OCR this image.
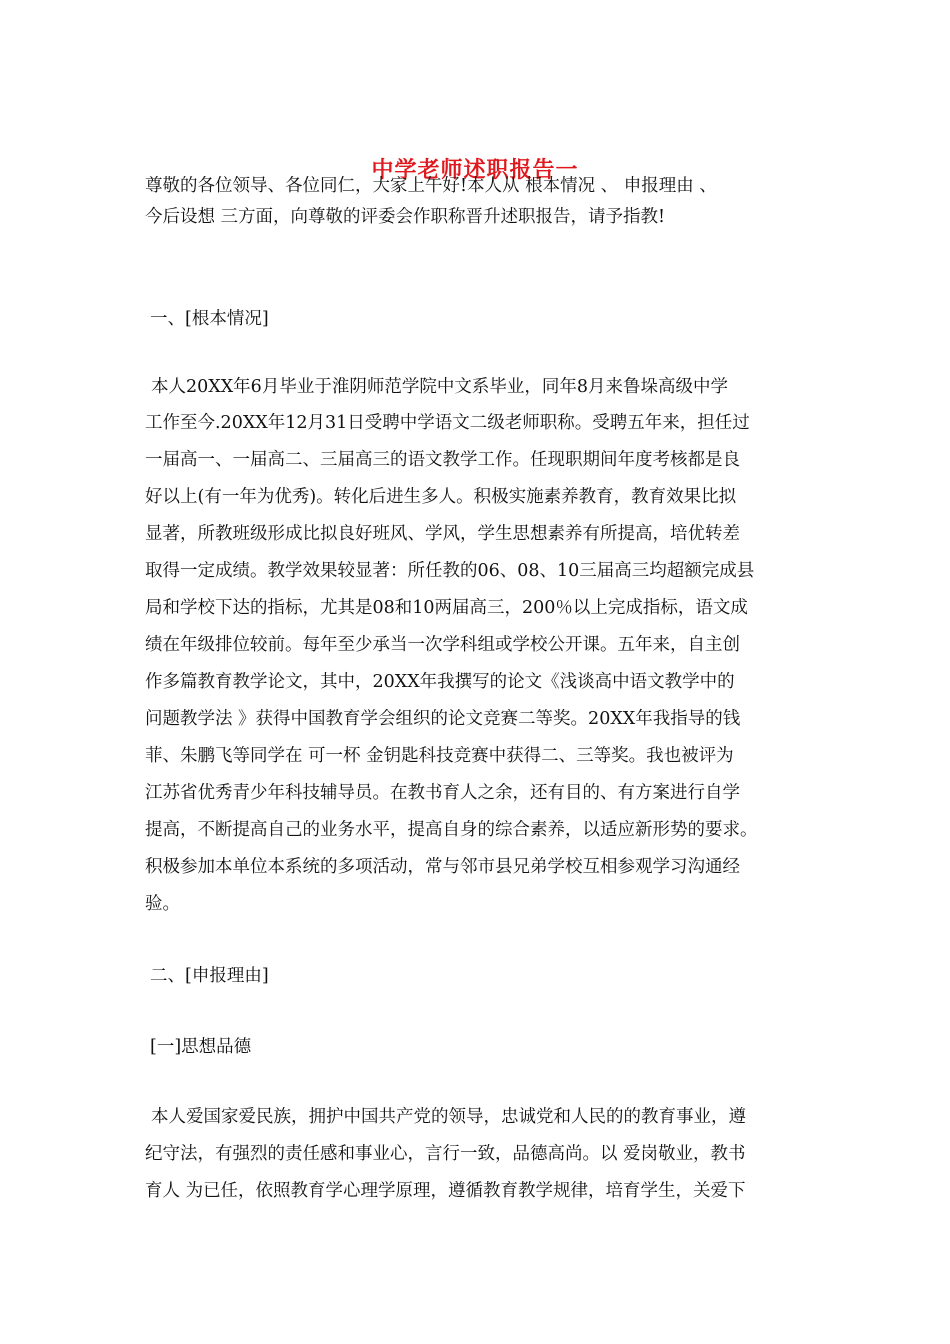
中学老师述职报告一
尊敬的各位领导、各位同仁，大家上午好!本人从 根本情况 、 申报理由 、
今后设想 三方面，向尊敬的评委会作职称晋升述职报告，请予指教!
一、[根本情况]
本人20XX年6月毕业于淮阴师范学院中文系毕业，同年8月来鲁垛高级中学
工作至今.20XX年12月31日受聘中学语文二级老师职称。受聘五年来，担任过
一届高一、一届高二、三届高三的语文教学工作。任现职期间年度考核都是良
好以上(有一年为优秀)。转化后进生多人。积极实施素养教育，教育效果比拟
显著，所教班级形成比拟良好班风、学风，学生思想素养有所提高，培优转差
取得一定成绩。教学效果较显著：所任教的06、08、10三届高三均超额完成县
局和学校下达的指标，尤其是08和10两届高三，200％以上完成指标，语文成
绩在年级排位较前。每年至少承当一次学科组或学校公开课。五年来，自主创
作多篇教育教学论文，其中，20XX年我撰写的论文《浅谈高中语文教学中的
问题教学法 》获得中国教育学会组织的论文竞赛二等奖。20XX年我指导的钱
菲、朱鹏飞等同学在 可一杯 金钥匙科技竞赛中获得二、三等奖。我也被评为
江苏省优秀青少年科技辅导员。在教书育人之余，还有目的、有方案进行自学
提高，不断提高自己的业务水平，提高自身的综合素养，以适应新形势的要求。
积极参加本单位本系统的多项活动，常与邻市县兄弟学校互相参观学习沟通经
验。
二、[申报理由]
[一]思想品德
本人爱国家爱民族，拥护中国共产党的领导，忠诚党和人民的的教育事业，遵
纪守法，有强烈的责任感和事业心，言行一致，品德高尚。以 爱岗敬业，教书
育人 为已任，依照教育学心理学原理，遵循教育教学规律，培育学生，关爱下
